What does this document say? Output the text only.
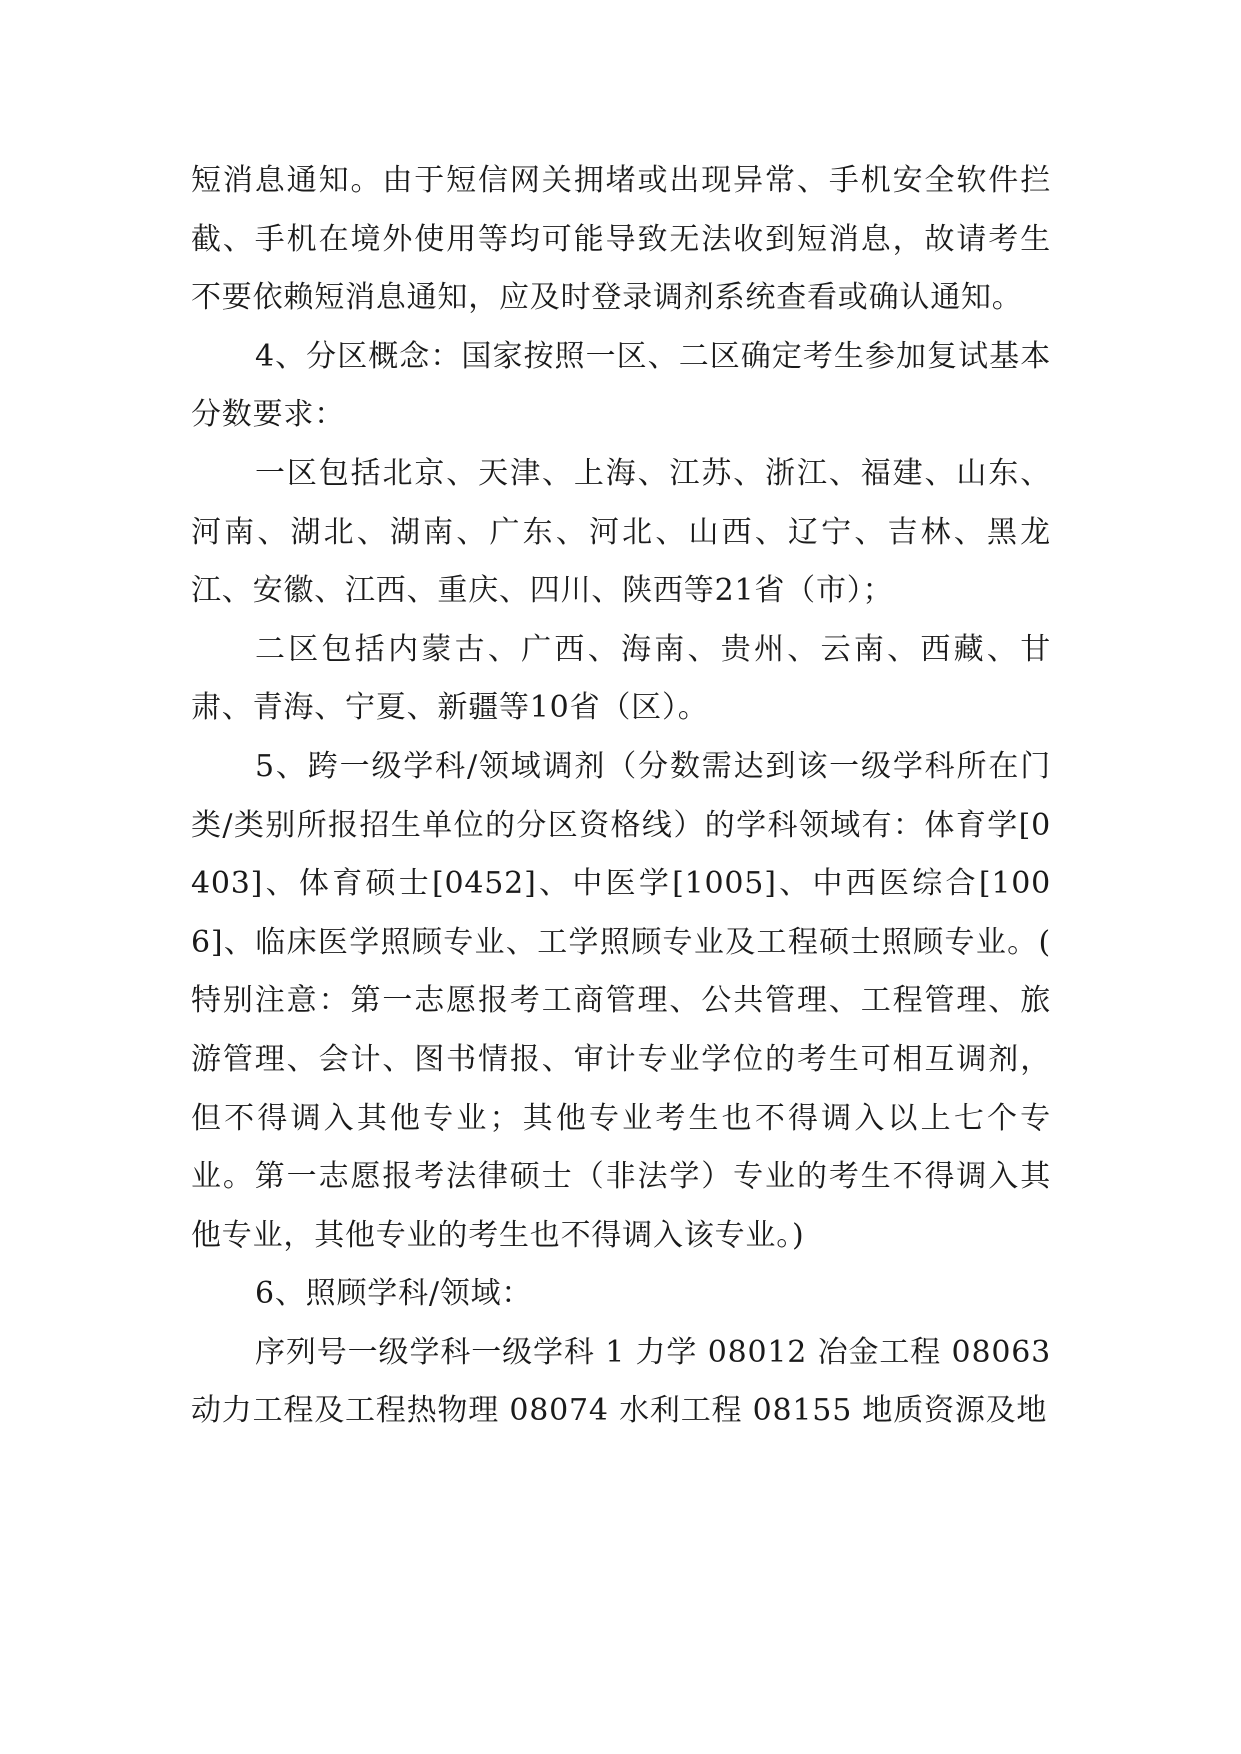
短消息通知。由于短信网关拥堵或出现异常、手机安全软件拦截、手机在境外使用等均可能导致无法收到短消息，故请考生不要依赖短消息通知，应及时登录调剂系统查看或确认通知。

4、分区概念：国家按照一区、二区确定考生参加复试基本分数要求：

一区包括北京、天津、上海、江苏、浙江、福建、山东、河南、湖北、湖南、广东、河北、山西、辽宁、吉林、黑龙江、安徽、江西、重庆、四川、陕西等21省（市）；

二区包括内蒙古、广西、海南、贵州、云南、西藏、甘肃、青海、宁夏、新疆等10省（区）。

5、跨一级学科/领域调剂（分数需达到该一级学科所在门类/类别所报招生单位的分区资格线）的学科领域有：体育学[0403]、体育硕士[0452]、中医学[1005]、中西医综合[1006]、临床医学照顾专业、工学照顾专业及工程硕士照顾专业。( 特别注意：第一志愿报考工商管理、公共管理、工程管理、旅游管理、会计、图书情报、审计专业学位的考生可相互调剂，但不得调入其他专业；其他专业考生也不得调入以上七个专业。第一志愿报考法律硕士（非法学）专业的考生不得调入其他专业，其他专业的考生也不得调入该专业。)

6、照顾学科/领域：

序列号一级学科一级学科 1 力学 08012 冶金工程 08063 动力工程及工程热物理 08074 水利工程 08155 地质资源及地
